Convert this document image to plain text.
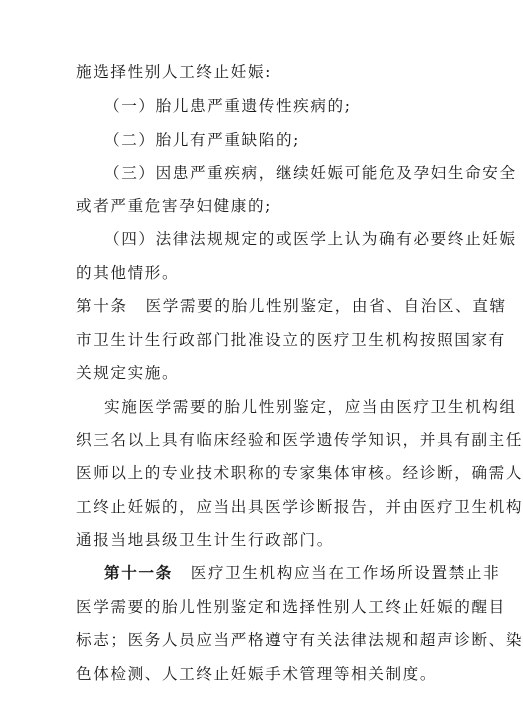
施选择性别人工终止妊娠:
（一）胎儿患严重遗传性疾病的;
（二）胎儿有严重缺陷的;
（三）因患严重疾病，继续妊娠可能危及孕妇生命安全
或者严重危害孕妇健康的;
（四）法律法规规定的或医学上认为确有必要终止妊娠
的其他情形。
第十条 医学需要的胎儿性别鉴定，由省、自治区、直辖
市卫生计生行政部门批准设立的医疗卫生机构按照国家有
关规定实施。
实施医学需要的胎儿性别鉴定，应当由医疗卫生机构组
织三名以上具有临床经验和医学遗传学知识，并具有副主任
医师以上的专业技术职称的专家集体审核。经诊断，确需人
工终止妊娠的，应当出具医学诊断报告，并由医疗卫生机构
通报当地县级卫生计生行政部门。
第十一条 医疗卫生机构应当在工作场所设置禁止非
医学需要的胎儿性别鉴定和选择性别人工终止妊娠的醒目
标志；医务人员应当严格遵守有关法律法规和超声诊断、染
色体检测、人工终止妊娠手术管理等相关制度。
